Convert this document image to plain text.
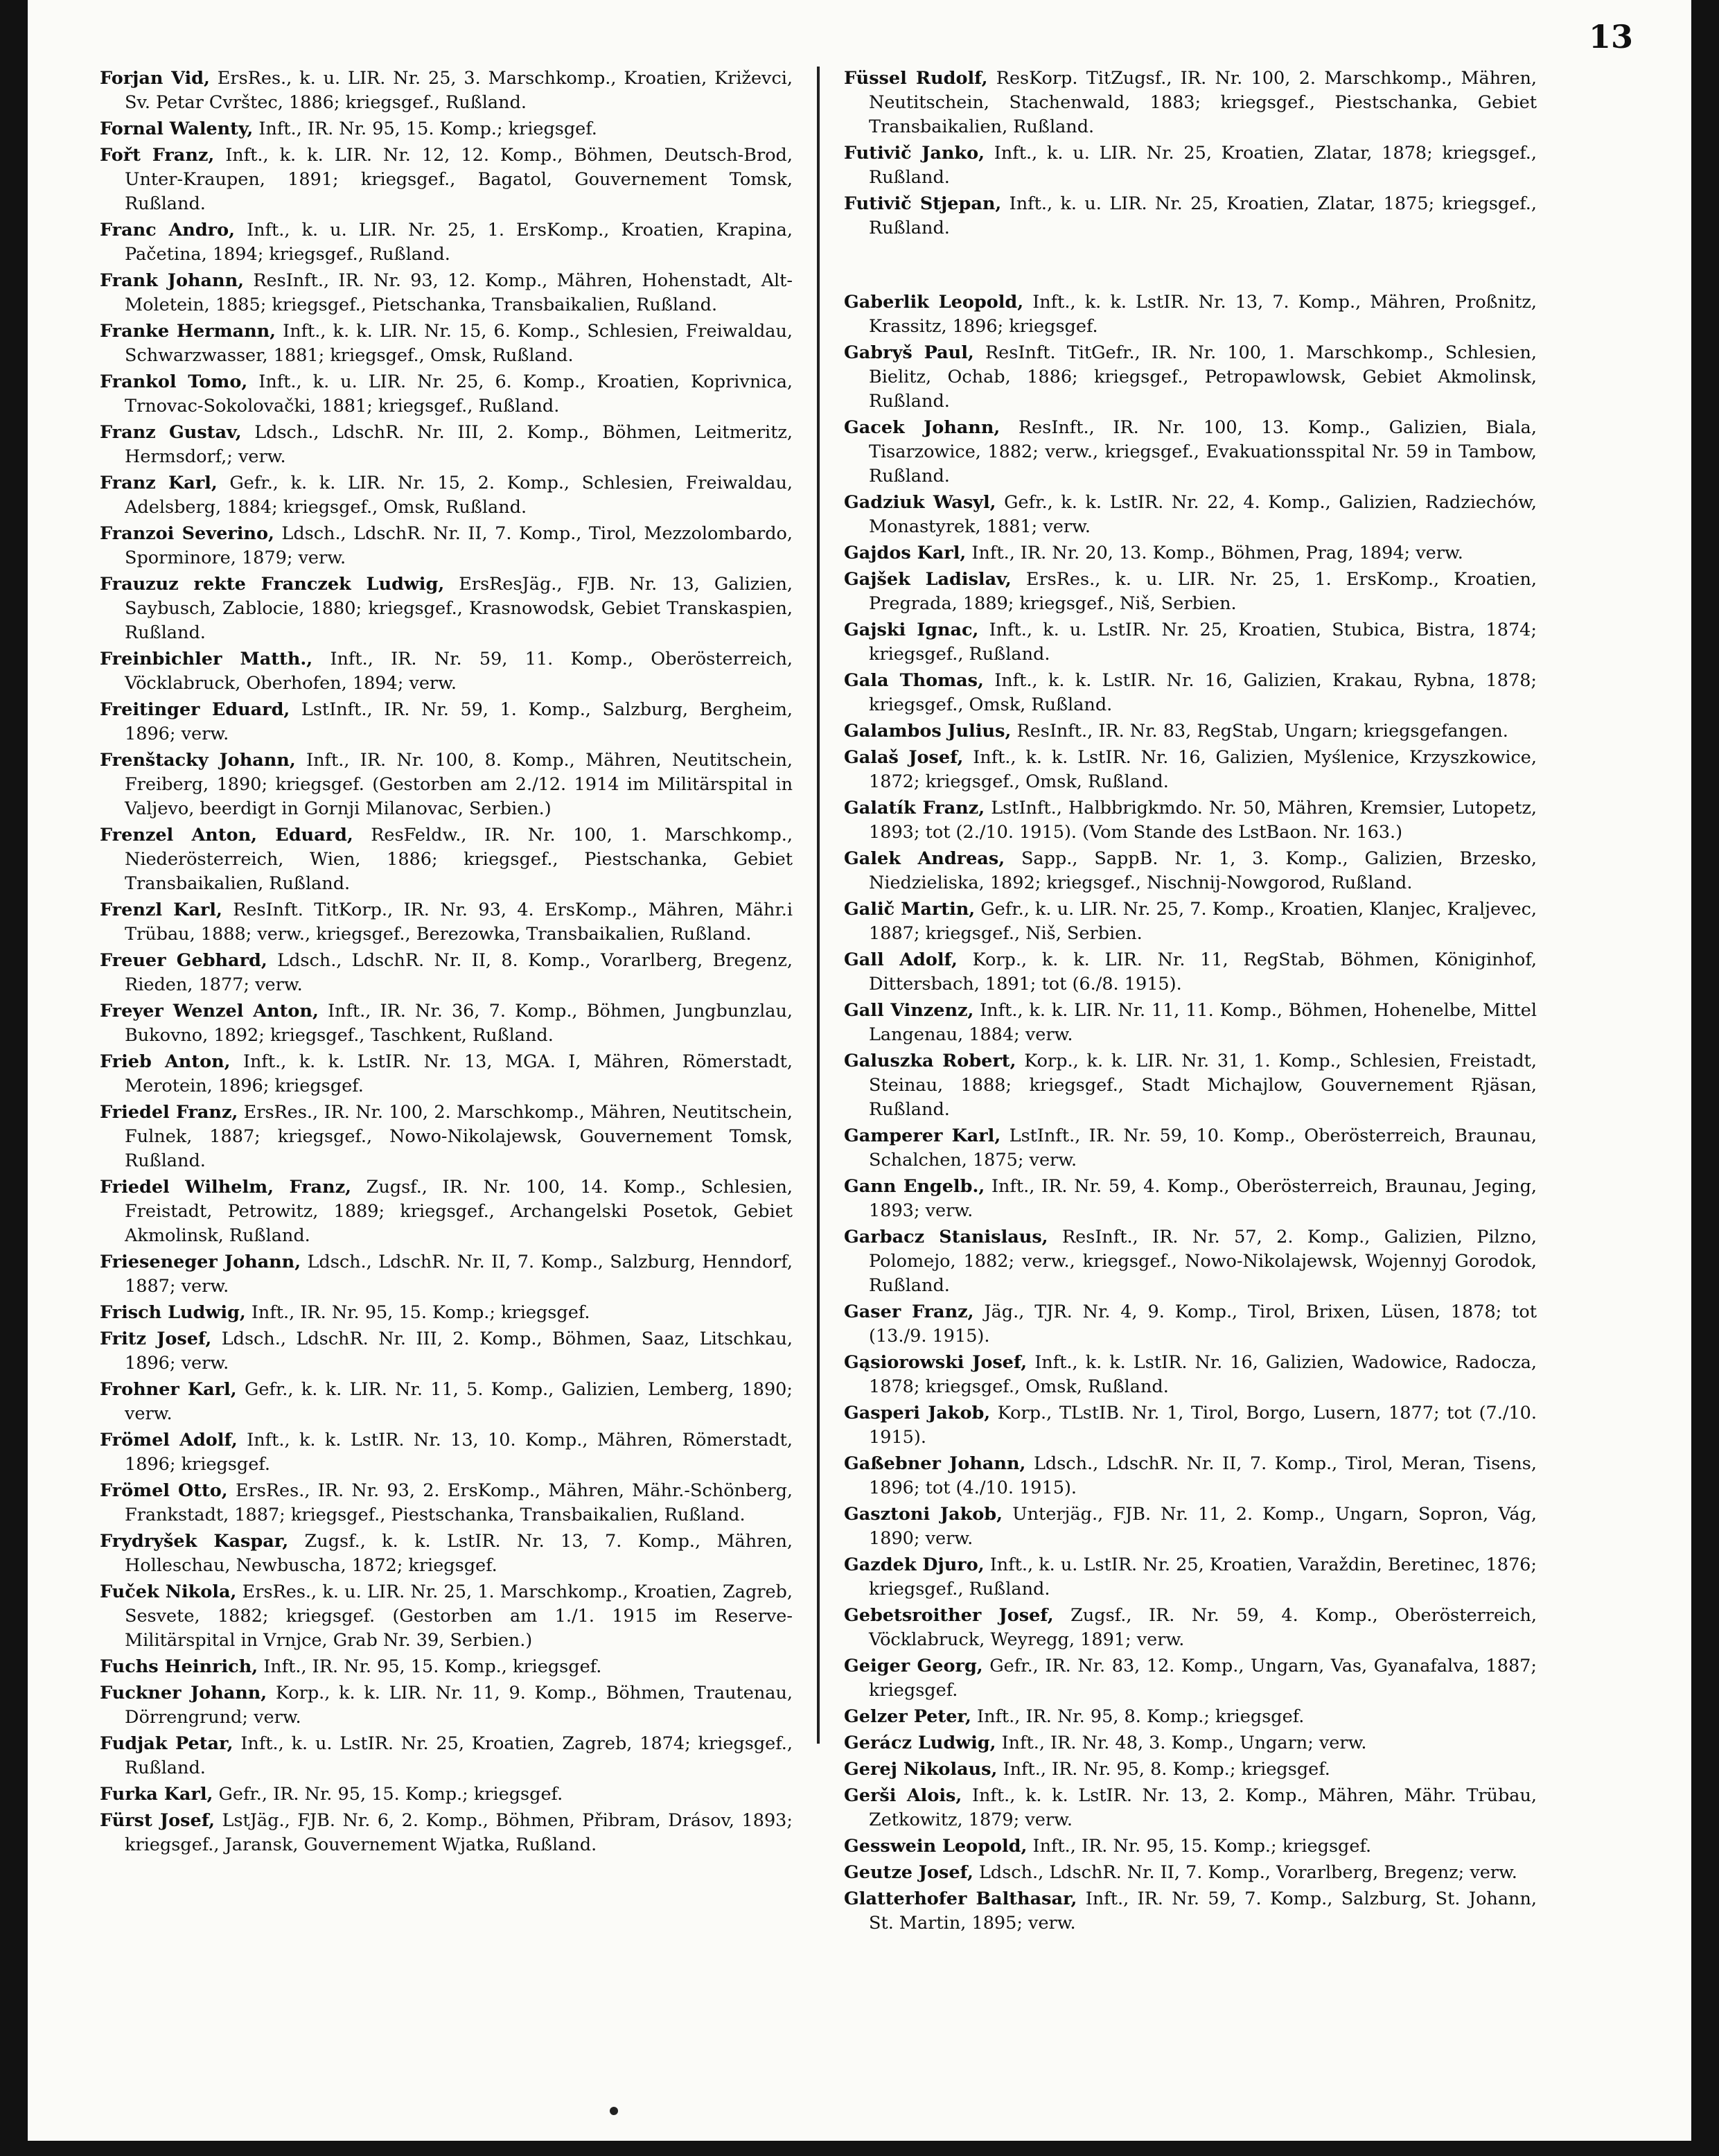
13

Forjan Vid, ErsRes., k. u. LIR. Nr. 25, 3. Marschkomp., Kroatien, Križevci, Sv. Petar Cvrštec, 1886; kriegsgef., Rußland.

Fornal Walenty, Inft., IR. Nr. 95, 15. Komp.; kriegsgef.

Fořt Franz, Inft., k. k. LIR. Nr. 12, 12. Komp., Böhmen, Deutsch-Brod, Unter-Kraupen, 1891; kriegsgef., Bagatol, Gouvernement Tomsk, Rußland.

Franc Andro, Inft., k. u. LIR. Nr. 25, 1. ErsKomp., Kroatien, Krapina, Pačetina, 1894; kriegsgef., Rußland.

Frank Johann, ResInft., IR. Nr. 93, 12. Komp., Mähren, Hohenstadt, Alt-Moletein, 1885; kriegsgef., Pietschanka, Transbaikalien, Rußland.

Franke Hermann, Inft., k. k. LIR. Nr. 15, 6. Komp., Schlesien, Freiwaldau, Schwarzwasser, 1881; kriegsgef., Omsk, Rußland.

Frankol Tomo, Inft., k. u. LIR. Nr. 25, 6. Komp., Kroatien, Koprivnica, Trnovac-Sokolovački, 1881; kriegsgef., Rußland.

Franz Gustav, Ldsch., LdschR. Nr. III, 2. Komp., Böhmen, Leitmeritz, Hermsdorf,; verw.

Franz Karl, Gefr., k. k. LIR. Nr. 15, 2. Komp., Schlesien, Freiwaldau, Adelsberg, 1884; kriegsgef., Omsk, Rußland.

Franzoi Severino, Ldsch., LdschR. Nr. II, 7. Komp., Tirol, Mezzolombardo, Sporminore, 1879; verw.

Frauzuz rekte Franczek Ludwig, ErsResJäg., FJB. Nr. 13, Galizien, Saybusch, Zablocie, 1880; kriegsgef., Krasnowodsk, Gebiet Transkaspien, Rußland.

Freinbichler Matth., Inft., IR. Nr. 59, 11. Komp., Oberösterreich, Vöcklabruck, Oberhofen, 1894; verw.

Freitinger Eduard, LstInft., IR. Nr. 59, 1. Komp., Salzburg, Bergheim, 1896; verw.

Frenštacky Johann, Inft., IR. Nr. 100, 8. Komp., Mähren, Neutitschein, Freiberg, 1890; kriegsgef. (Gestorben am 2./12. 1914 im Militärspital in Valjevo, beerdigt in Gornji Milanovac, Serbien.)

Frenzel Anton, Eduard, ResFeldw., IR. Nr. 100, 1. Marschkomp., Niederösterreich, Wien, 1886; kriegsgef., Piestschanka, Gebiet Transbaikalien, Rußland.

Frenzl Karl, ResInft. TitKorp., IR. Nr. 93, 4. ErsKomp., Mähren, Mähr.i Trübau, 1888; verw., kriegsgef., Berezowka, Transbaikalien, Rußland.

Freuer Gebhard, Ldsch., LdschR. Nr. II, 8. Komp., Vorarlberg, Bregenz, Rieden, 1877; verw.

Freyer Wenzel Anton, Inft., IR. Nr. 36, 7. Komp., Böhmen, Jungbunzlau, Bukovno, 1892; kriegsgef., Taschkent, Rußland.

Frieb Anton, Inft., k. k. LstIR. Nr. 13, MGA. I, Mähren, Römerstadt, Merotein, 1896; kriegsgef.

Friedel Franz, ErsRes., IR. Nr. 100, 2. Marschkomp., Mähren, Neutitschein, Fulnek, 1887; kriegsgef., Nowo-Nikolajewsk, Gouvernement Tomsk, Rußland.

Friedel Wilhelm, Franz, Zugsf., IR. Nr. 100, 14. Komp., Schlesien, Freistadt, Petrowitz, 1889; kriegsgef., Archangelski Posetok, Gebiet Akmolinsk, Rußland.

Frieseneger Johann, Ldsch., LdschR. Nr. II, 7. Komp., Salzburg, Henndorf, 1887; verw.

Frisch Ludwig, Inft., IR. Nr. 95, 15. Komp.; kriegsgef.

Fritz Josef, Ldsch., LdschR. Nr. III, 2. Komp., Böhmen, Saaz, Litschkau, 1896; verw.

Frohner Karl, Gefr., k. k. LIR. Nr. 11, 5. Komp., Galizien, Lemberg, 1890; verw.

Frömel Adolf, Inft., k. k. LstIR. Nr. 13, 10. Komp., Mähren, Römerstadt, 1896; kriegsgef.

Frömel Otto, ErsRes., IR. Nr. 93, 2. ErsKomp., Mähren, Mähr.-Schönberg, Frankstadt, 1887; kriegsgef., Piestschanka, Transbaikalien, Rußland.

Frydryšek Kaspar, Zugsf., k. k. LstIR. Nr. 13, 7. Komp., Mähren, Holleschau, Newbuscha, 1872; kriegsgef.

Fuček Nikola, ErsRes., k. u. LIR. Nr. 25, 1. Marschkomp., Kroatien, Zagreb, Sesvete, 1882; kriegsgef. (Gestorben am 1./1. 1915 im Reserve-Militärspital in Vrnjce, Grab Nr. 39, Serbien.)

Fuchs Heinrich, Inft., IR. Nr. 95, 15. Komp., kriegsgef.

Fuckner Johann, Korp., k. k. LIR. Nr. 11, 9. Komp., Böhmen, Trautenau, Dörrengrund; verw.

Fudjak Petar, Inft., k. u. LstIR. Nr. 25, Kroatien, Zagreb, 1874; kriegsgef., Rußland.

Furka Karl, Gefr., IR. Nr. 95, 15. Komp.; kriegsgef.

Fürst Josef, LstJäg., FJB. Nr. 6, 2. Komp., Böhmen, Přibram, Drásov, 1893; kriegsgef., Jaransk, Gouvernement Wjatka, Rußland.

Füssel Rudolf, ResKorp. TitZugsf., IR. Nr. 100, 2. Marschkomp., Mähren, Neutitschein, Stachenwald, 1883; kriegsgef., Piestschanka, Gebiet Transbaikalien, Rußland.

Futivič Janko, Inft., k. u. LIR. Nr. 25, Kroatien, Zlatar, 1878; kriegsgef., Rußland.

Futivič Stjepan, Inft., k. u. LIR. Nr. 25, Kroatien, Zlatar, 1875; kriegsgef., Rußland.

Gaberlik Leopold, Inft., k. k. LstIR. Nr. 13, 7. Komp., Mähren, Proßnitz, Krassitz, 1896; kriegsgef.

Gabryš Paul, ResInft. TitGefr., IR. Nr. 100, 1. Marschkomp., Schlesien, Bielitz, Ochab, 1886; kriegsgef., Petropawlowsk, Gebiet Akmolinsk, Rußland.

Gacek Johann, ResInft., IR. Nr. 100, 13. Komp., Galizien, Biala, Tisarzowice, 1882; verw., kriegsgef., Evakuationsspital Nr. 59 in Tambow, Rußland.

Gadziuk Wasyl, Gefr., k. k. LstIR. Nr. 22, 4. Komp., Galizien, Radziechów, Monastyrek, 1881; verw.

Gajdos Karl, Inft., IR. Nr. 20, 13. Komp., Böhmen, Prag, 1894; verw.

Gajšek Ladislav, ErsRes., k. u. LIR. Nr. 25, 1. ErsKomp., Kroatien, Pregrada, 1889; kriegsgef., Niš, Serbien.

Gajski Ignac, Inft., k. u. LstIR. Nr. 25, Kroatien, Stubica, Bistra, 1874; kriegsgef., Rußland.

Gala Thomas, Inft., k. k. LstIR. Nr. 16, Galizien, Krakau, Rybna, 1878; kriegsgef., Omsk, Rußland.

Galambos Julius, ResInft., IR. Nr. 83, RegStab, Ungarn; kriegsgefangen.

Galaš Josef, Inft., k. k. LstIR. Nr. 16, Galizien, Myślenice, Krzyszkowice, 1872; kriegsgef., Omsk, Rußland.

Galatík Franz, LstInft., Halbbrigkmdo. Nr. 50, Mähren, Kremsier, Lutopetz, 1893; tot (2./10. 1915). (Vom Stande des LstBaon. Nr. 163.)

Galek Andreas, Sapp., SappB. Nr. 1, 3. Komp., Galizien, Brzesko, Niedzieliska, 1892; kriegsgef., Nischnij-Nowgorod, Rußland.

Galič Martin, Gefr., k. u. LIR. Nr. 25, 7. Komp., Kroatien, Klanjec, Kraljevec, 1887; kriegsgef., Niš, Serbien.

Gall Adolf, Korp., k. k. LIR. Nr. 11, RegStab, Böhmen, Königinhof, Dittersbach, 1891; tot (6./8. 1915).

Gall Vinzenz, Inft., k. k. LIR. Nr. 11, 11. Komp., Böhmen, Hohenelbe, Mittel Langenau, 1884; verw.

Galuszka Robert, Korp., k. k. LIR. Nr. 31, 1. Komp., Schlesien, Freistadt, Steinau, 1888; kriegsgef., Stadt Michajlow, Gouvernement Rjäsan, Rußland.

Gamperer Karl, LstInft., IR. Nr. 59, 10. Komp., Oberösterreich, Braunau, Schalchen, 1875; verw.

Gann Engelb., Inft., IR. Nr. 59, 4. Komp., Oberösterreich, Braunau, Jeging, 1893; verw.

Garbacz Stanislaus, ResInft., IR. Nr. 57, 2. Komp., Galizien, Pilzno, Polomejo, 1882; verw., kriegsgef., Nowo-Nikolajewsk, Wojennyj Gorodok, Rußland.

Gaser Franz, Jäg., TJR. Nr. 4, 9. Komp., Tirol, Brixen, Lüsen, 1878; tot (13./9. 1915).

Gąsiorowski Josef, Inft., k. k. LstIR. Nr. 16, Galizien, Wadowice, Radocza, 1878; kriegsgef., Omsk, Rußland.

Gasperi Jakob, Korp., TLstIB. Nr. 1, Tirol, Borgo, Lusern, 1877; tot (7./10. 1915).

Gaßebner Johann, Ldsch., LdschR. Nr. II, 7. Komp., Tirol, Meran, Tisens, 1896; tot (4./10. 1915).

Gasztoni Jakob, Unterjäg., FJB. Nr. 11, 2. Komp., Ungarn, Sopron, Vág, 1890; verw.

Gazdek Djuro, Inft., k. u. LstIR. Nr. 25, Kroatien, Varaždin, Beretinec, 1876; kriegsgef., Rußland.

Gebetsroither Josef, Zugsf., IR. Nr. 59, 4. Komp., Oberösterreich, Vöcklabruck, Weyregg, 1891; verw.

Geiger Georg, Gefr., IR. Nr. 83, 12. Komp., Ungarn, Vas, Gyanafalva, 1887; kriegsgef.

Gelzer Peter, Inft., IR. Nr. 95, 8. Komp.; kriegsgef.

Gerácz Ludwig, Inft., IR. Nr. 48, 3. Komp., Ungarn; verw.

Gerej Nikolaus, Inft., IR. Nr. 95, 8. Komp.; kriegsgef.

Gerši Alois, Inft., k. k. LstIR. Nr. 13, 2. Komp., Mähren, Mähr. Trübau, Zetkowitz, 1879; verw.

Gesswein Leopold, Inft., IR. Nr. 95, 15. Komp.; kriegsgef.

Geutze Josef, Ldsch., LdschR. Nr. II, 7. Komp., Vorarlberg, Bregenz; verw.

Glatterhofer Balthasar, Inft., IR. Nr. 59, 7. Komp., Salzburg, St. Johann, St. Martin, 1895; verw.
